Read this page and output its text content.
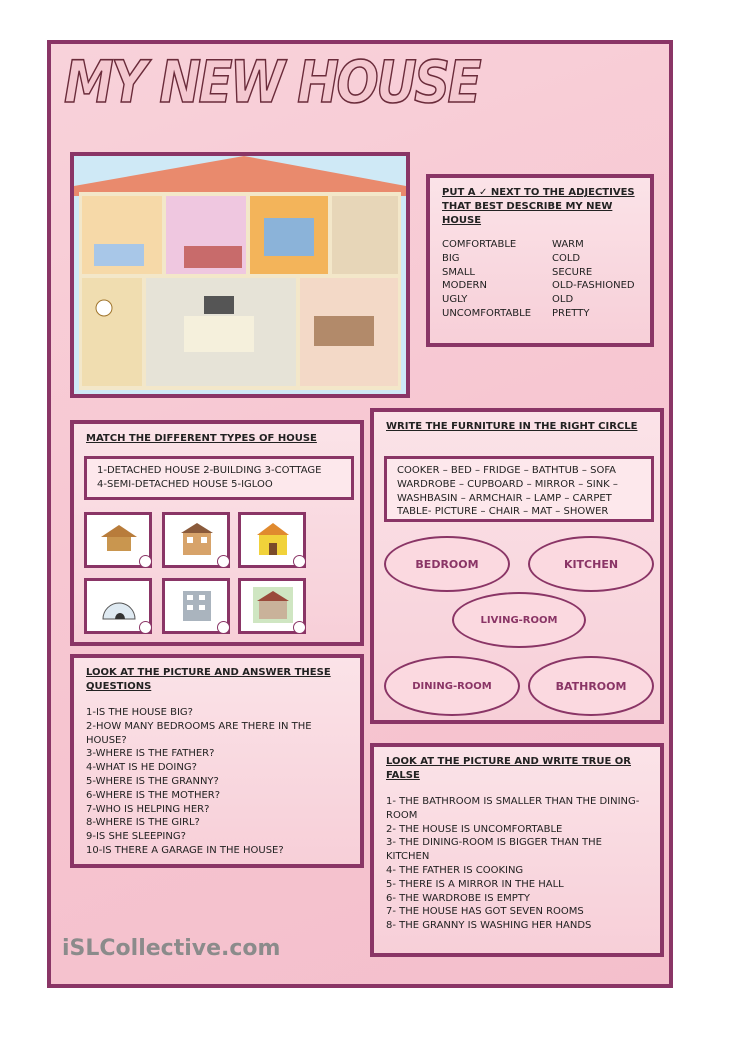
MY NEW HOUSE
PUT A ✓ NEXT TO THE ADJECTIVES THAT BEST DESCRIBE MY NEW HOUSE
COMFORTABLE	WARM
BIG	COLD
SMALL	SECURE
MODERN	OLD-FASHIONED
UGLY	OLD
UNCOMFORTABLE	PRETTY
MATCH THE DIFFERENT TYPES OF HOUSE
1-DETACHED HOUSE 2-BUILDING 3-COTTAGE
4-SEMI-DETACHED HOUSE 5-IGLOO
WRITE THE FURNITURE IN THE RIGHT CIRCLE
COOKER – BED – FRIDGE – BATHTUB – SOFA
WARDROBE – CUPBOARD – MIRROR – SINK –
WASHBASIN – ARMCHAIR – LAMP – CARPET
TABLE- PICTURE – CHAIR – MAT – SHOWER
BEDROOM	KITCHEN
LIVING-ROOM
DINING-ROOM	BATHROOM
LOOK AT THE PICTURE AND ANSWER THESE QUESTIONS
1-IS THE HOUSE BIG?
2-HOW MANY BEDROOMS ARE THERE IN THE HOUSE?
3-WHERE IS THE FATHER?
4-WHAT IS HE DOING?
5-WHERE IS THE GRANNY?
6-WHERE IS THE MOTHER?
7-WHO IS HELPING HER?
8-WHERE IS THE GIRL?
9-IS SHE SLEEPING?
10-IS THERE A GARAGE IN THE HOUSE?
LOOK AT THE PICTURE AND WRITE TRUE OR FALSE
1- THE BATHROOM IS SMALLER THAN THE DINING-ROOM
2- THE HOUSE IS UNCOMFORTABLE
3- THE DINING-ROOM IS BIGGER THAN THE KITCHEN
4- THE FATHER IS COOKING
5- THERE IS A MIRROR IN THE HALL
6- THE WARDROBE IS EMPTY
7- THE HOUSE HAS GOT SEVEN ROOMS
8- THE GRANNY IS WASHING HER HANDS
iSLCollective.com
